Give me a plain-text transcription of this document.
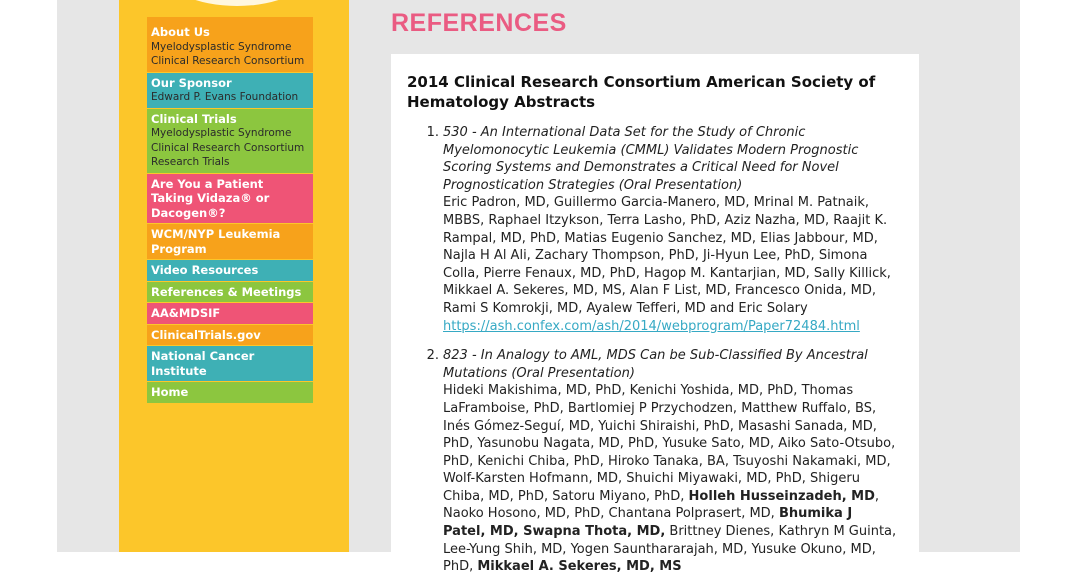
About Us
Myelodysplastic Syndrome Clinical Research Consortium
Our Sponsor
Edward P. Evans Foundation
Clinical Trials
Myelodysplastic Syndrome Clinical Research Consortium Research Trials
Are You a Patient Taking Vidaza® or Dacogen®?
WCM/NYP Leukemia Program
Video Resources
References & Meetings
AA&MDSIF
ClinicalTrials.gov
National Cancer Institute
Home
REFERENCES
2014 Clinical Research Consortium American Society of Hematology Abstracts
1. 530 - An International Data Set for the Study of Chronic Myelomonocytic Leukemia (CMML) Validates Modern Prognostic Scoring Systems and Demonstrates a Critical Need for Novel Prognostication Strategies (Oral Presentation)
Eric Padron, MD, Guillermo Garcia-Manero, MD, Mrinal M. Patnaik, MBBS, Raphael Itzykson, Terra Lasho, PhD, Aziz Nazha, MD, Raajit K. Rampal, MD, PhD, Matias Eugenio Sanchez, MD, Elias Jabbour, MD, Najla H Al Ali, Zachary Thompson, PhD, Ji-Hyun Lee, PhD, Simona Colla, Pierre Fenaux, MD, PhD, Hagop M. Kantarjian, MD, Sally Killick, Mikkael A. Sekeres, MD, MS, Alan F List, MD, Francesco Onida, MD, Rami S Komrokji, MD, Ayalew Tefferi, MD and Eric Solary
https://ash.confex.com/ash/2014/webprogram/Paper72484.html
2. 823 - In Analogy to AML, MDS Can be Sub-Classified By Ancestral Mutations (Oral Presentation)
Hideki Makishima, MD, PhD, Kenichi Yoshida, MD, PhD, Thomas LaFramboise, PhD, Bartlomiej P Przychodzen, Matthew Ruffalo, BS, Inés Gómez-Seguí, MD, Yuichi Shiraishi, PhD, Masashi Sanada, MD, PhD, Yasunobu Nagata, MD, PhD, Yusuke Sato, MD, Aiko Sato-Otsubo, PhD, Kenichi Chiba, PhD, Hiroko Tanaka, BA, Tsuyoshi Nakamaki, MD, Wolf-Karsten Hofmann, MD, Shuichi Miyawaki, MD, PhD, Shigeru Chiba, MD, PhD, Satoru Miyano, PhD, Holleh Husseinzadeh, MD, Naoko Hosono, MD, PhD, Chantana Polprasert, MD, Bhumika J Patel, MD, Swapna Thota, MD, Brittney Dienes, Kathryn M Guinta, Lee-Yung Shih, MD, Yogen Saunthararajah, MD, Yusuke Okuno, MD, PhD, Mikkael A. Sekeres, MD, MS
